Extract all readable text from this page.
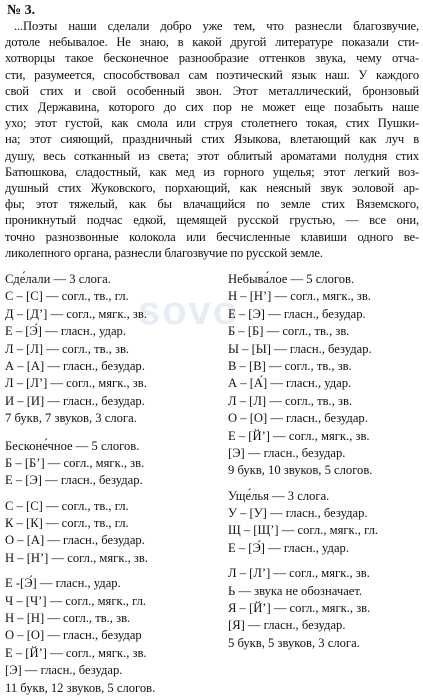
№ 3.
...Поэты наши сделали добро уже тем, что разнесли благозвучие,
дотоле небывалое. Не знаю, в какой другой литературе показали сти-
хотворцы такое бесконечное разнообразие оттенков звука, чему отча-
сти, разумеется, способствовал сам поэтический язык наш. У каждого
свой стих и свой особенный звон. Этот металлический, бронзовый
стих Державина, которого до сих пор не может еще позабыть наше
ухо; этот густой, как смола или струя столетнего токая, стих Пушки-
на; этот сияющий, праздничный стих Языкова, влетающий как луч в
душу, весь сотканный из света; этот облитый ароматами полудня стих
Батюшкова, сладостный, как мед из горного ущелья; этот легкий воз-
душный стих Жуковского, порхающий, как неясный звук эоловой ар-
фы; этот тяжелый, как бы влачащийся по земле стих Вяземского,
проникнутый подчас едкой, щемящей русской грустью, — все они,
точно разнозвонные колокола или бесчисленные клавиши одного ве-
ликолепного органа, разнесли благозвучие по русской земле.
sovo
Сде́лали — 3 слога.
С – [С] — согл., тв., гл.
Д – [Д’] — согл., мягк., зв.
Е – [Э́] — гласн., удар.
Л – [Л] — согл., тв., зв.
А – [А] — гласн., безудар.
Л – [Л’] — согл., мягк., зв.
И – [И] — гласн., безудар.
7 букв, 7 звуков, 3 слога.
Бесконе́чное — 5 слогов.
Б – [Б’] — согл., мягк., зв.
Е – [Э] — гласн., безудар.
С – [С] — согл., тв., гл.
К – [К] — согл., тв., гл.
О – [А] — гласн., безудар.
Н – [Н’] — согл., мягк., зв.
Е -[Э́] — гласн., удар.
Ч – [Ч’] — согл., мягк., гл.
Н – [Н] — согл., тв., зв.
О – [О] — гласн., безудар
Е – [Й’] — согл., мягк., зв.
[Э] — гласн., безудар.
11 букв, 12 звуков, 5 слогов.
Небыва́лое — 5 слогов.
Н – [Н’] — согл., мягк., зв.
Е – [Э] — гласн., безудар.
Б – [Б] — согл., тв., зв.
Ы – [Ы] — гласн., безудар.
В – [В] — согл., тв., зв.
А – [А́] — гласн., удар.
Л – [Л] — согл., тв., зв.
О – [О] — гласн., безудар.
Е – [Й’] — согл., мягк., зв.
[Э] — гласн., безудар.
9 букв, 10 звуков, 5 слогов.
Уще́лья — 3 слога.
У – [У] — гласн., безудар.
Щ – [Щ’] — согл., мягк., гл.
Е – [Э́] — гласн., удар.
Л – [Л’] — согл., мягк., зв.
Ь — звука не обозначает.
Я – [Й’] — согл., мягк., зв.
[Я] — гласн., безудар.
5 букв, 5 звуков, 3 слога.
